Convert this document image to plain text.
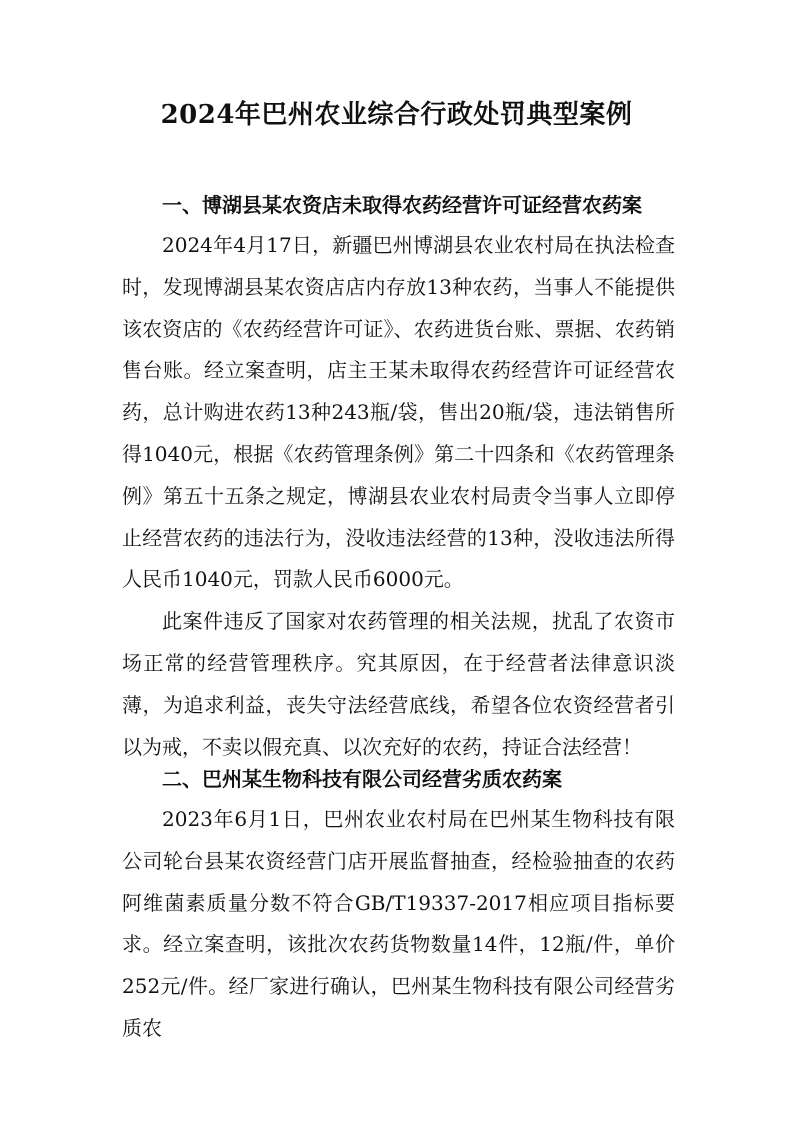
2024年巴州农业综合行政处罚典型案例
一、博湖县某农资店未取得农药经营许可证经营农药案

2024年4月17日，新疆巴州博湖县农业农村局在执法检查时，发现博湖县某农资店店内存放13种农药，当事人不能提供该农资店的《农药经营许可证》、农药进货台账、票据、农药销售台账。经立案查明，店主王某未取得农药经营许可证经营农药，总计购进农药13种243瓶/袋，售出20瓶/袋，违法销售所得1040元，根据《农药管理条例》第二十四条和《农药管理条例》第五十五条之规定，博湖县农业农村局责令当事人立即停止经营农药的违法行为，没收违法经营的13种，没收违法所得人民币1040元，罚款人民币6000元。

此案件违反了国家对农药管理的相关法规，扰乱了农资市场正常的经营管理秩序。究其原因，在于经营者法律意识淡薄，为追求利益，丧失守法经营底线，希望各位农资经营者引以为戒，不卖以假充真、以次充好的农药，持证合法经营！

二、巴州某生物科技有限公司经营劣质农药案

2023年6月1日，巴州农业农村局在巴州某生物科技有限公司轮台县某农资经营门店开展监督抽查，经检验抽查的农药阿维菌素质量分数不符合GB/T19337-2017相应项目指标要求。经立案查明，该批次农药货物数量14件，12瓶/件，单价252元/件。经厂家进行确认，巴州某生物科技有限公司经营劣质农
